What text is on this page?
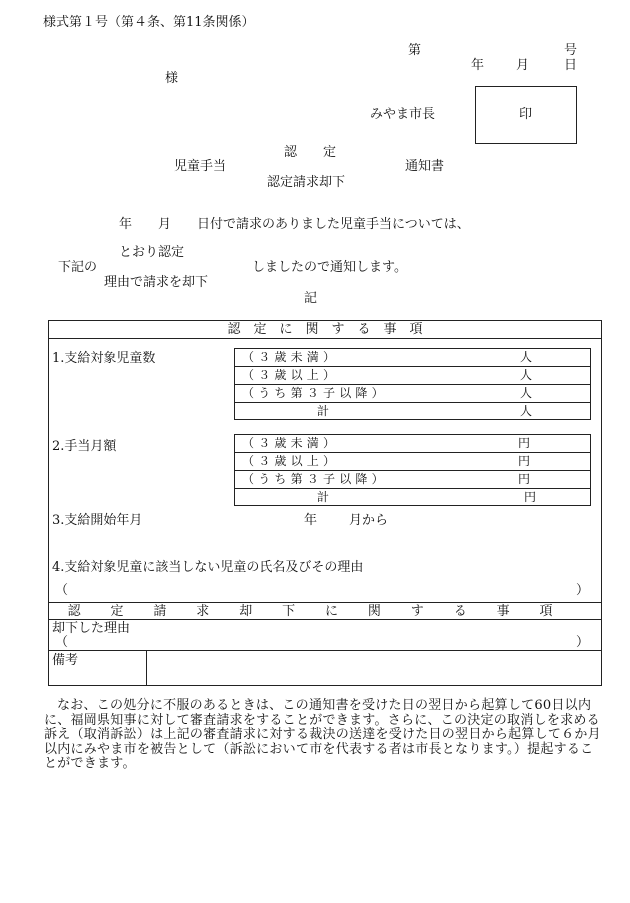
様式第１号（第４条、第11条関係）
第	号
年 月	日
様
みやま市長	印
認　　定
児童手当	通知書
認定請求却下
年　　月　　日付で請求のありました児童手当については、
とおり認定
下記の	しましたので通知します。
理由で請求を却下
記
認　定　に　関　す　る　事　項
1.支給対象児童数	（３歳未満）	人
（３歳以上）	人
（うち第３子以降）	人
計	人
2.手当月額	（３歳未満）	円
（３歳以上）	円
（うち第３子以降）	円
計	円
3.支給開始年月	年 月から
4.支給対象児童に該当しない児童の氏名及びその理由
（	）
認定請求却下に関する事項
却下した理由
（	）
備考
なお、この処分に不服のあるときは、この通知書を受けた日の翌日から起算して60日以内に、福岡県知事に対して審査請求をすることができます。さらに、この決定の取消しを求める訴え（取消訴訟）は上記の審査請求に対する裁決の送達を受けた日の翌日から起算して６か月以内にみやま市を被告として（訴訟において市を代表する者は市長となります。）提起することができます。
